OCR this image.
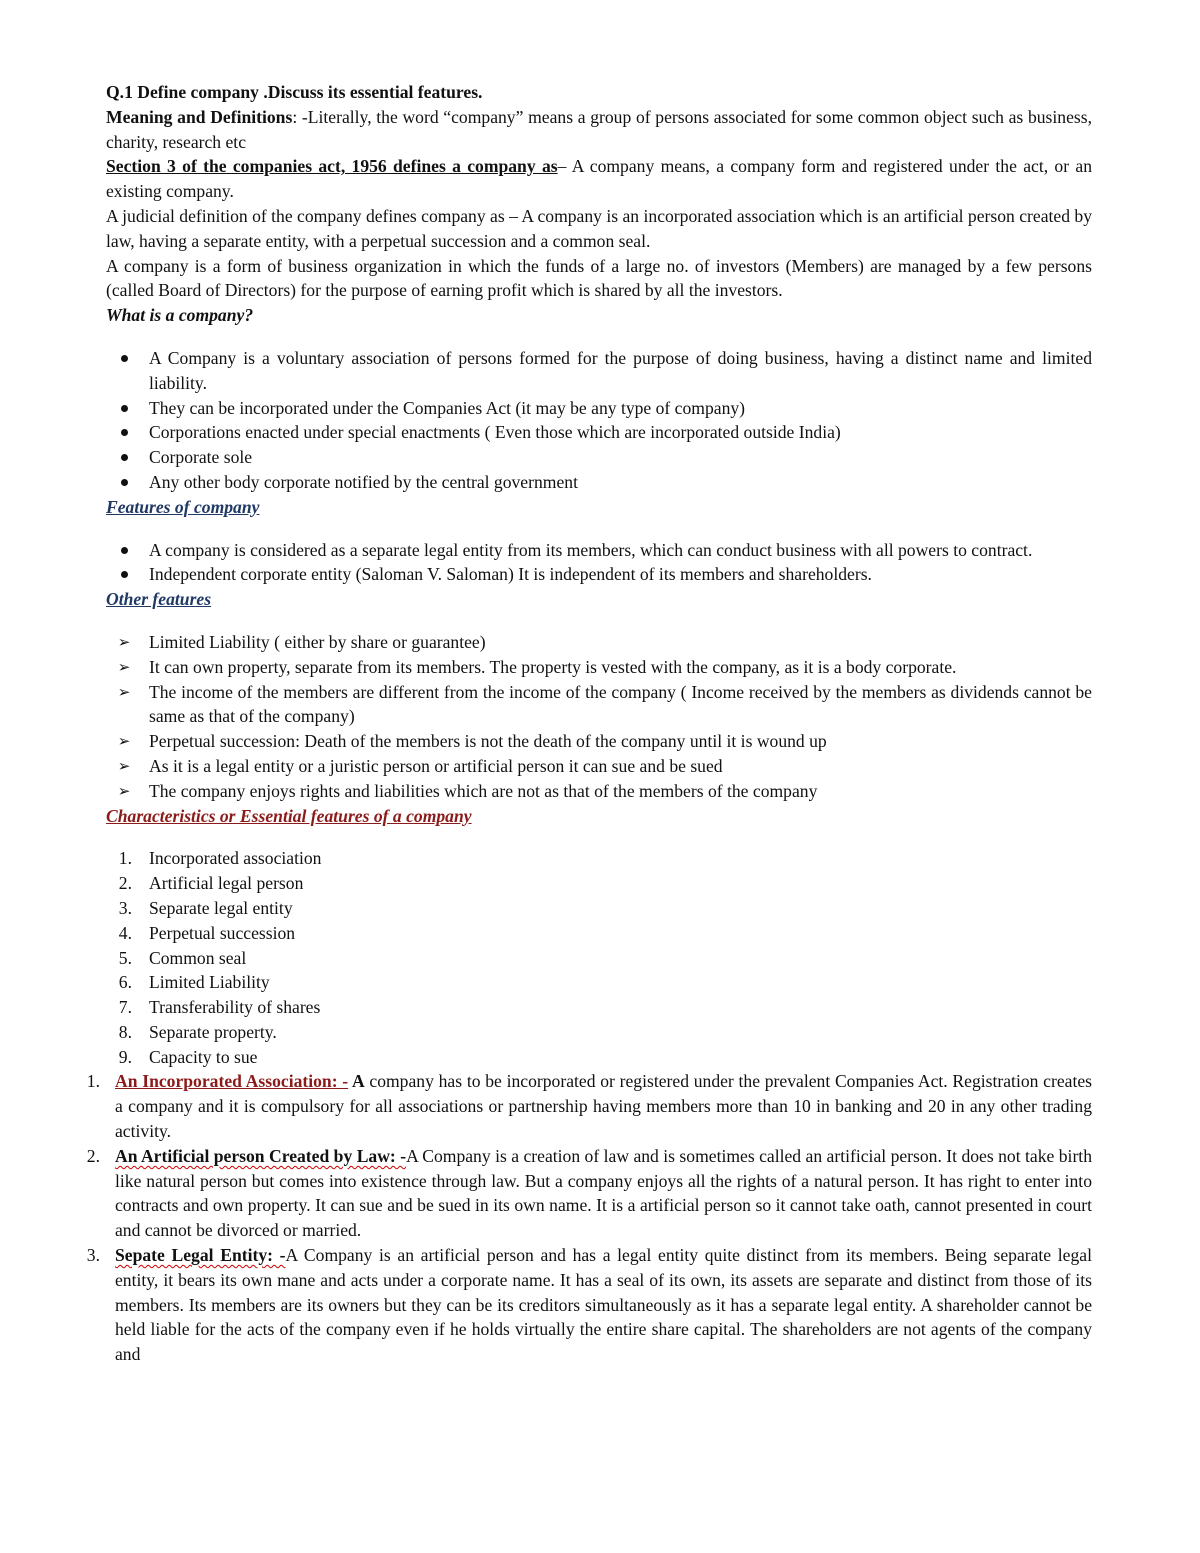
Q.1 Define company .Discuss its essential features.

Meaning and Definitions: -Literally, the word “company” means a group of persons associated for some common object such as business, charity, research etc

Section 3 of the companies act, 1956 defines a company as– A company means, a company form and registered under the act, or an existing company.

A judicial definition of the company defines company as – A company is an incorporated association which is an artificial person created by law, having a separate entity, with a perpetual succession and a common seal.

A company is a form of business organization in which the funds of a large no. of investors (Members) are managed by a few persons (called Board of Directors) for the purpose of earning profit which is shared by all the investors.

What is a company?

A Company is a voluntary association of persons formed for the purpose of doing business, having a distinct name and limited liability.
They can be incorporated under the Companies Act (it may be any type of company)
Corporations enacted under special enactments ( Even those which are incorporated outside India)
Corporate sole
Any other body corporate notified by the central government

Features of company

A company is considered as a separate legal entity from its members, which can conduct business with all powers to contract.
Independent corporate entity (Saloman V. Saloman) It is independent of its members and shareholders.

Other features

➢ Limited Liability ( either by share or guarantee)
➢ It can own property, separate from its members. The property is vested with the company, as it is a body corporate.
➢ The income of the members are different from the income of the company ( Income received by the members as dividends cannot be same as that of the company)
➢ Perpetual succession: Death of the members is not the death of the company until it is wound up
➢ As it is a legal entity or a juristic person or artificial person it can sue and be sued
➢ The company enjoys rights and liabilities which are not as that of the members of the company

Characteristics or Essential features of a company

1. Incorporated association
2. Artificial legal person
3. Separate legal entity
4. Perpetual succession
5. Common seal
6. Limited Liability
7. Transferability of shares
8. Separate property.
9. Capacity to sue
1. An Incorporated Association: - A company has to be incorporated or registered under the prevalent Companies Act. Registration creates a company and it is compulsory for all associations or partnership having members more than 10 in banking and 20 in any other trading activity.
2. An Artificial person Created by Law: -A Company is a creation of law and is sometimes called an artificial person. It does not take birth like natural person but comes into existence through law. But a company enjoys all the rights of a natural person. It has right to enter into contracts and own property. It can sue and be sued in its own name. It is a artificial person so it cannot take oath, cannot presented in court and cannot be divorced or married.
3. Sepate Legal Entity: -A Company is an artificial person and has a legal entity quite distinct from its members. Being separate legal entity, it bears its own mane and acts under a corporate name. It has a seal of its own, its assets are separate and distinct from those of its members. Its members are its owners but they can be its creditors simultaneously as it has a separate legal entity. A shareholder cannot be held liable for the acts of the company even if he holds virtually the entire share capital. The shareholders are not agents of the company and
